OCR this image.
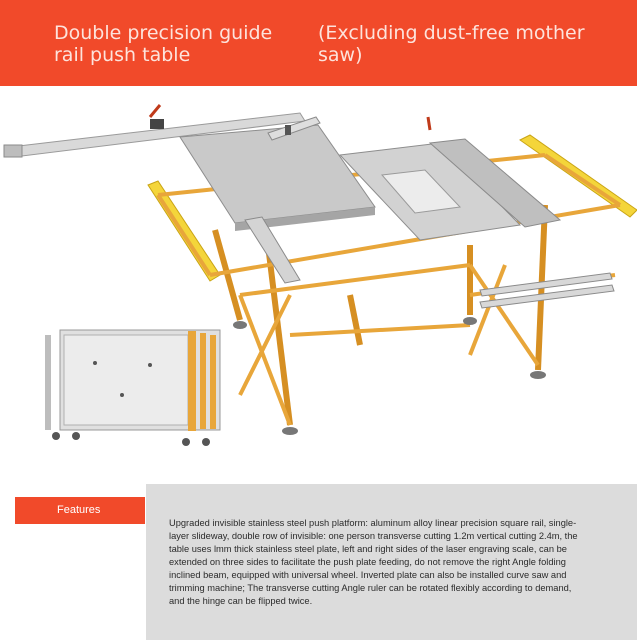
Double precision guide rail push table
(Excluding dust-free mother saw)
Features
Upgraded invisible stainless steel push platform: aluminum alloy linear precision square rail, single-layer slideway, double row of invisible: one person transverse cutting 1.2m vertical cutting 2.4m, the table uses lmm thick stainless steel plate, left and right sides of the laser engraving scale, can be extended on three sides to facilitate the push plate feeding, do not remove the right Angle folding inclined beam, equipped with universal wheel. Inverted plate can also be installed curve saw and trimming machine; The transverse cutting Angle ruler can be rotated flexibly according to demand, and the hinge can be flipped twice.
